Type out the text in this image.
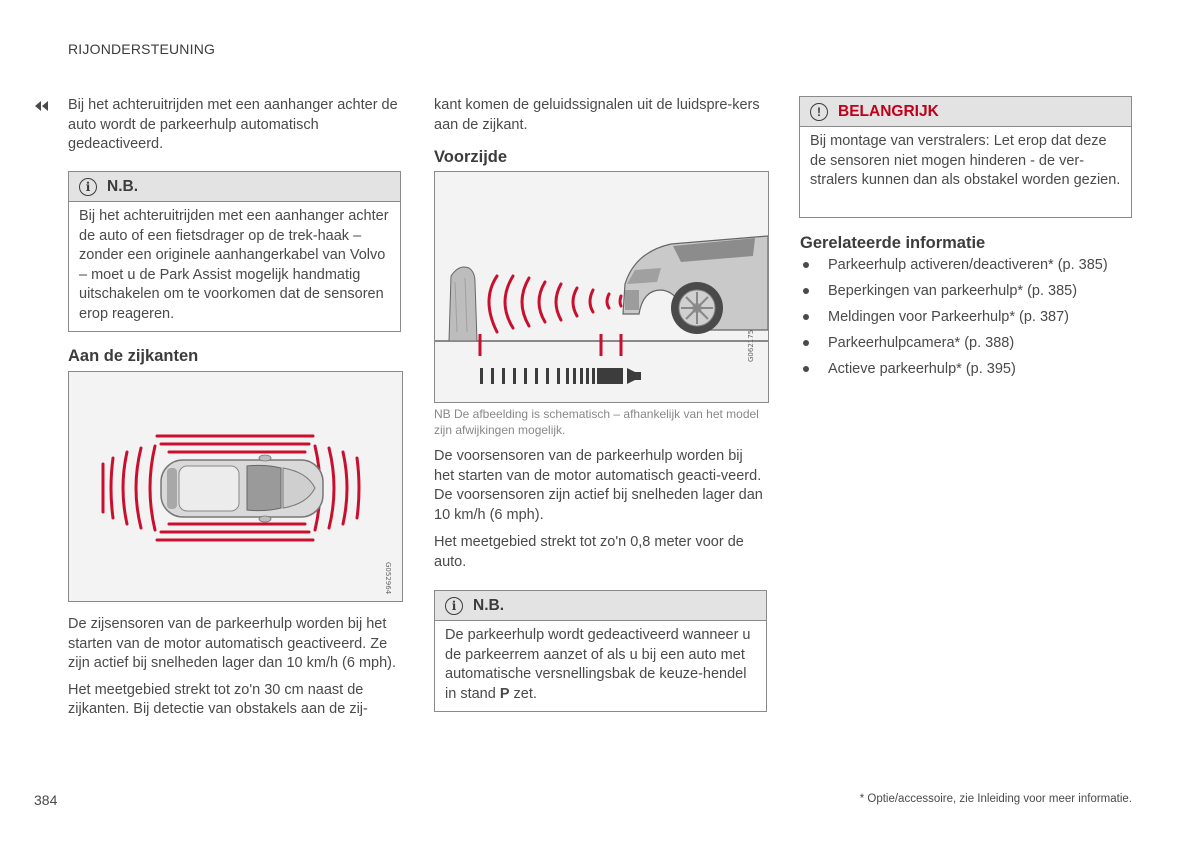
RIJONDERSTEUNING

Bij het achteruitrijden met een aanhanger achter de auto wordt de parkeerhulp automatisch gedeactiveerd.

i	N.B.
Bij het achteruitrijden met een aanhanger achter de auto of een fietsdrager op de trek-haak – zonder een originele aanhangerkabel van Volvo – moet u de Park Assist mogelijk handmatig uitschakelen om te voorkomen dat de sensoren erop reageren.
Aan de zijkanten
G052964

De zijsensoren van de parkeerhulp worden bij het starten van de motor automatisch geactiveerd. Ze zijn actief bij snelheden lager dan 10 km/h (6 mph).

Het meetgebied strekt tot zo'n 30 cm naast de zijkanten. Bij detectie van obstakels aan de zij-

kant komen de geluidssignalen uit de luidspre-kers aan de zijkant.

Voorzijde
G062175
NB De afbeelding is schematisch – afhankelijk van het model zijn afwijkingen mogelijk.

De voorsensoren van de parkeerhulp worden bij het starten van de motor automatisch geacti-veerd. De voorsensoren zijn actief bij snelheden lager dan 10 km/h (6 mph).

Het meetgebied strekt tot zo'n 0,8 meter voor de auto.

i	N.B.
De parkeerhulp wordt gedeactiveerd wanneer u de parkeerrem aanzet of als u bij een auto met automatische versnellingsbak de keuze-hendel in stand P zet.
!	BELANGRIJK
Bij montage van verstralers: Let erop dat deze de sensoren niet mogen hinderen - de ver-stralers kunnen dan als obstakel worden gezien.
Gerelateerde informatie
Parkeerhulp activeren/deactiveren* (p. 385)
Beperkingen van parkeerhulp* (p. 385)
Meldingen voor Parkeerhulp* (p. 387)
Parkeerhulpcamera* (p. 388)
Actieve parkeerhulp* (p. 395)
384	* Optie/accessoire, zie Inleiding voor meer informatie.
